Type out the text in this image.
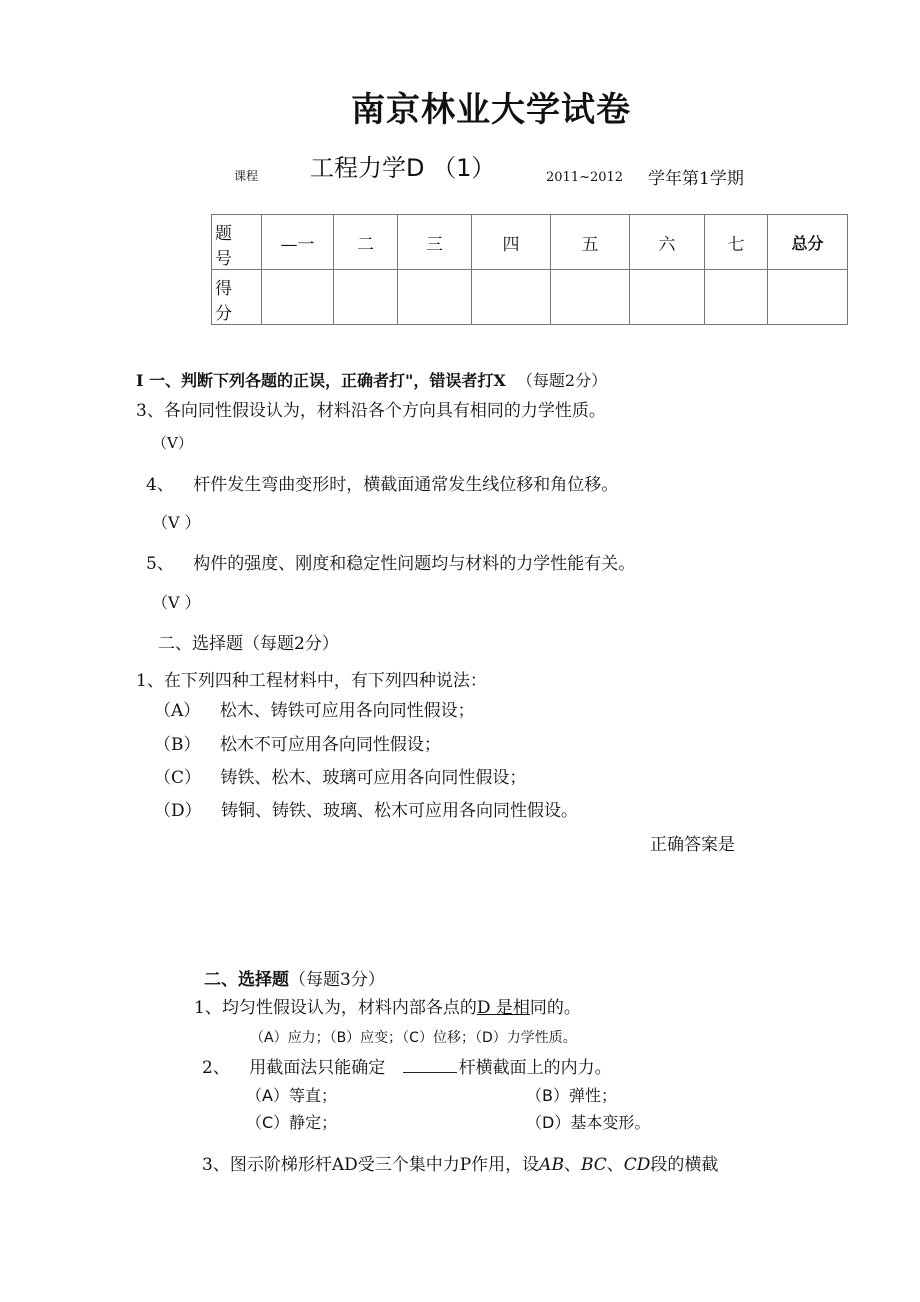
南京林业大学试卷
课程 工程力学D （1）	2011~2012 学年第1学期
题 号	—一	二	三	四	五	六	七	总分
得 分								
I 一、判断下列各题的正误，正确者打"，错误者打X （每题2分）
3、各向同性假设认为，材料沿各个方向具有相同的力学性质。
（V）
4、 杆件发生弯曲变形时，横截面通常发生线位移和角位移。
（V ）
5、 构件的强度、刚度和稳定性问题均与材料的力学性能有关。
（V ）
二、选择题（每题2分）
1、在下列四种工程材料中，有下列四种说法：
（A） 松木、铸铁可应用各向同性假设；
（B） 松木不可应用各向同性假设；
（C） 铸铁、松木、玻璃可应用各向同性假设；
（D） 铸铜、铸铁、玻璃、松木可应用各向同性假设。
正确答案是
二、选择题（每题3分）
1、均匀性假设认为，材料内部各点的D 是相同的。
（A）应力；（B）应变；（C）位移；（D）力学性质。
2、 用截面法只能确定	杆横截面上的内力。
（A）等直；	（B）弹性；
（C）静定；	（D）基本变形。
3、图示阶梯形杆AD受三个集中力P作用，设AB、BC、CD段的横截
